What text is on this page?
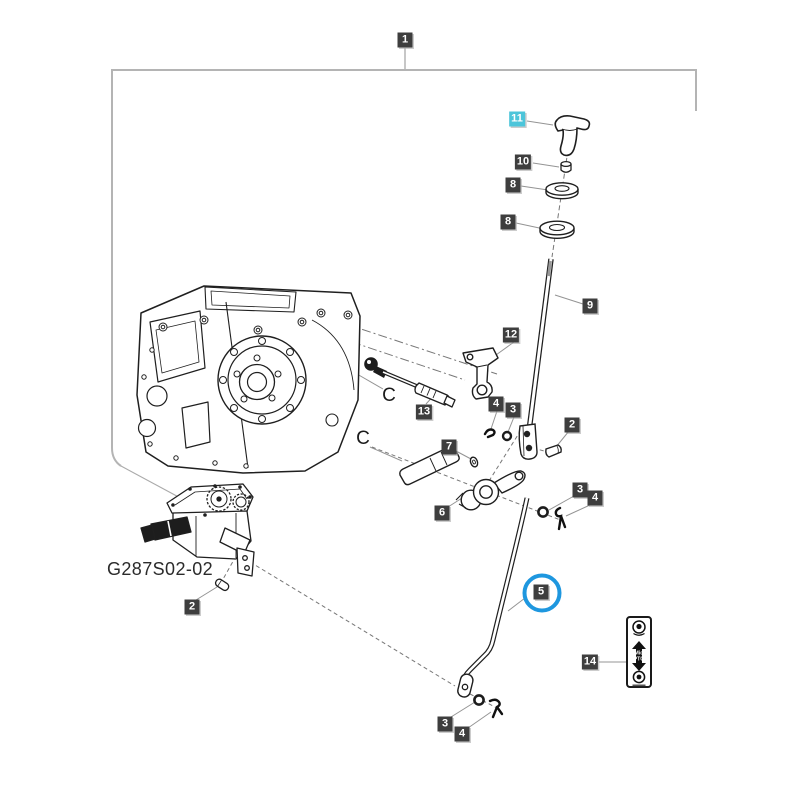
Mid
PTO
G287S02-02
C
C
1
11
10
8
8
9
12
13
4 3
2
7
6
3
4
5
2
14
3
4
